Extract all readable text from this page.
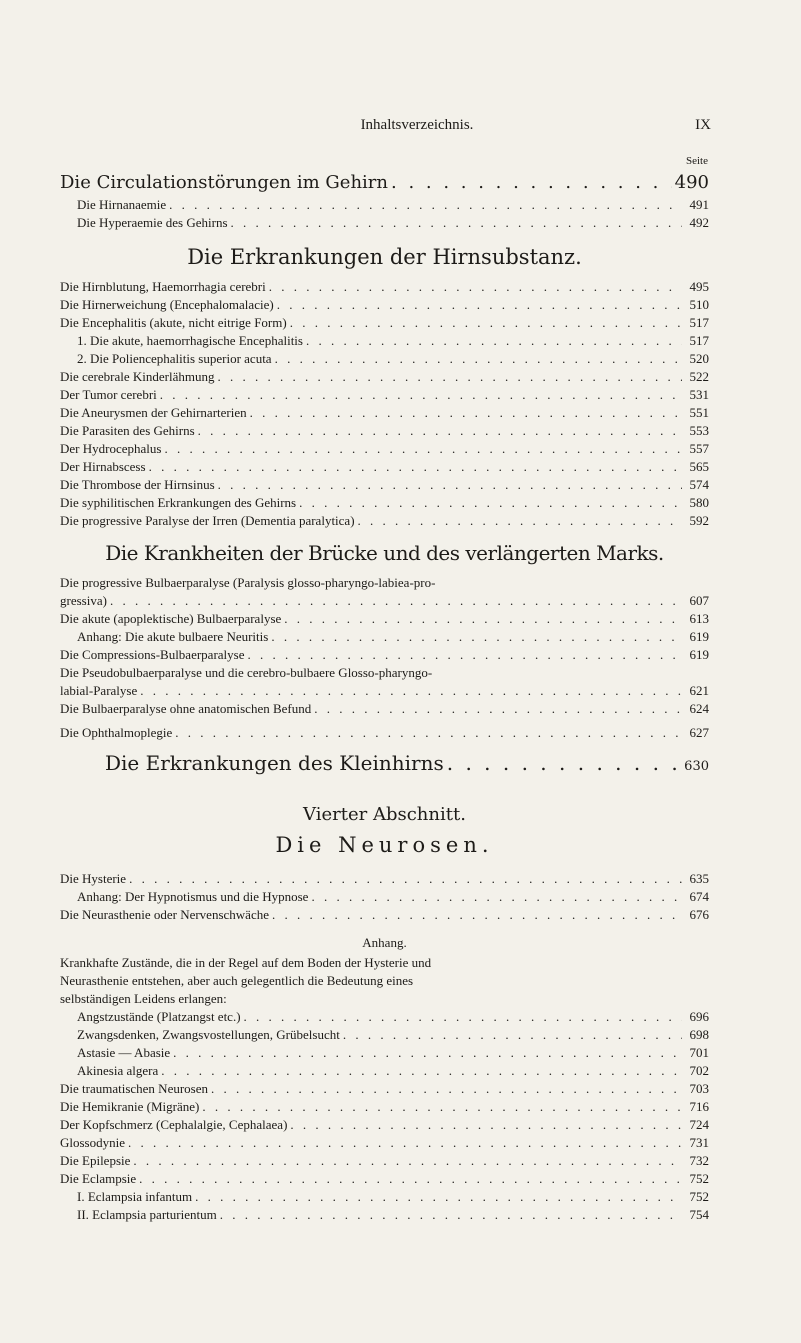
Inhaltsverzeichnis.	IX
Seite
Die Circulationstörungen im Gehirn . . .	490
Die Hirnanaemie . . .	491
Die Hyperaemie des Gehirns . . .	492
Die Erkrankungen der Hirnsubstanz.
Die Hirnblutung, Haemorrhagia cerebri . . .	495
Die Hirnerweichung (Encephalomalacie) . . .	510
Die Encephalitis (akute, nicht eitrige Form) . . .	517
1. Die akute, haemorrhagische Encephalitis . . .	517
2. Die Poliencephalitis superior acuta . . .	520
Die cerebrale Kinderlähmung . . .	522
Der Tumor cerebri . . .	531
Die Aneurysmen der Gehirnarterien . . .	551
Die Parasiten des Gehirns . . .	553
Der Hydrocephalus . . .	557
Der Hirnabscess . . .	565
Die Thrombose der Hirnsinus . . .	574
Die syphilitischen Erkrankungen des Gehirns . . .	580
Die progressive Paralyse der Irren (Dementia paralytica) . . .	592
Die Krankheiten der Brücke und des verlängerten Marks.
Die progressive Bulbaerparalyse (Paralysis glosso-pharyngo-labiea-pro-
gressiva) . . .	607
Die akute (apoplektische) Bulbaerparalyse . . .	613
Anhang: Die akute bulbaere Neuritis . . .	619
Die Compressions-Bulbaerparalyse . . .	619
Die Pseudobulbaerparalyse und die cerebro-bulbaere Glosso-pharyngo-
labial-Paralyse . . .	621
Die Bulbaerparalyse ohne anatomischen Befund . . .	624
Die Ophthalmoplegie . . .	627
Die Erkrankungen des Kleinhirns . . .	630
Vierter Abschnitt.
Die Neurosen.
Die Hysterie . . .	635
Anhang: Der Hypnotismus und die Hypnose . . .	674
Die Neurasthenie oder Nervenschwäche . . .	676
Anhang.
Krankhafte Zustände, die in der Regel auf dem Boden der Hysterie und
Neurasthenie entstehen, aber auch gelegentlich die Bedeutung eines
selbständigen Leidens erlangen:
Angstzustände (Platzangst etc.) . . .	696
Zwangsdenken, Zwangsvostellungen, Grübelsucht . . .	698
Astasie — Abasie . . .	701
Akinesia algera . . .	702
Die traumatischen Neurosen . . .	703
Die Hemikranie (Migräne) . . .	716
Der Kopfschmerz (Cephalalgie, Cephalaea) . . .	724
Glossodynie . . .	731
Die Epilepsie . . .	732
Die Eclampsie . . .	752
I. Eclampsia infantum . . .	752
II. Eclampsia parturientum . . .	754
